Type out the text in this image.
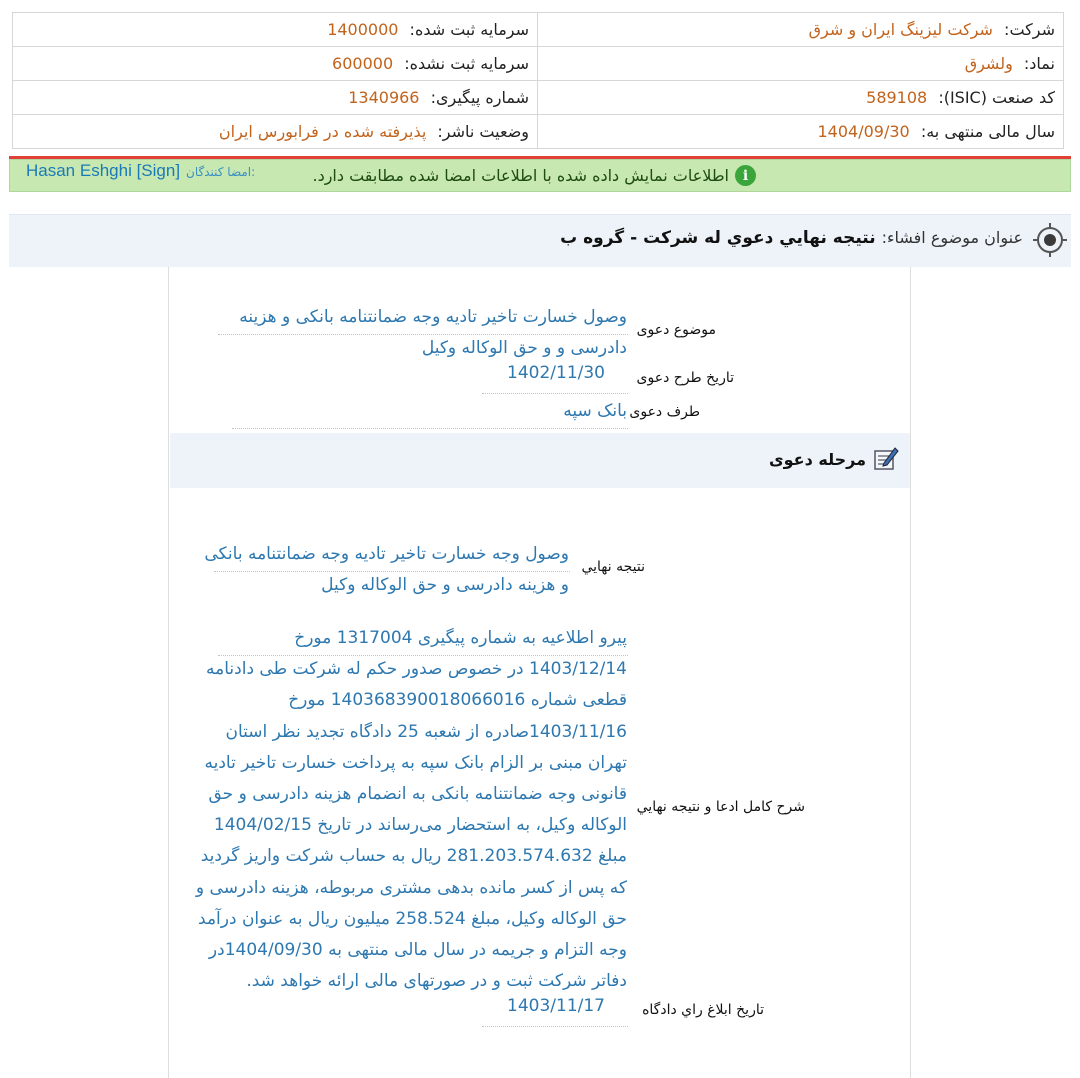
شرکت: شرکت لیزینگ ایران و شرق	سرمایه ثبت شده: 1400000
نماد: ولشرق	سرمایه ثبت نشده: 600000
کد صنعت (ISIC): 589108	شماره پیگیری: 1340966
سال مالی منتهی به: 1404/09/30	وضعیت ناشر: پذیرفته شده در فرابورس ایران
i
اطلاعات نمایش داده شده با اطلاعات امضا شده مطابقت دارد.
Hasan Eshghi [Sign] امضا کنندگان:
عنوان موضوع افشاء:
نتيجه نهايي دعوي له شرکت - گروه ب
موضوع دعوی
وصول خسارت تاخیر تادیه وجه ضمانتنامه بانکی و هزینه
دادرسی و و حق الوکاله وکیل
تاریخ طرح دعوی
1402/11/30
طرف دعوی
بانک سپه
مرحله دعوی
نتيجه نهايي
وصول وجه خسارت تاخیر تادیه وجه ضمانتنامه بانکی
و هزینه دادرسی و حق الوکاله وکیل
شرح کامل ادعا و نتيجه نهايي
پیرو اطلاعیه به شماره پیگیری 1317004 مورخ
1403/12/14 در خصوص صدور حکم له شرکت طی دادنامه
قطعی شماره 140368390018066016 مورخ
1403/11/16صادره از شعبه 25 دادگاه تجدید نظر استان
تهران مبنی بر الزام بانک سپه به پرداخت خسارت تاخیر تادیه
قانونی وجه ضمانتنامه بانکی به انضمام هزینه دادرسی و حق
الوکاله وکیل، به استحضار می‌رساند در تاریخ 1404/02/15
مبلغ 281.203.574.632 ریال به حساب شرکت واریز گردید
که پس از کسر مانده بدهی مشتری مربوطه، هزینه دادرسی و
حق الوکاله وکیل، مبلغ 258.524 میلیون ریال به عنوان درآمد
وجه التزام و جریمه در سال مالی منتهی به 1404/09/30در
دفاتر شرکت ثبت و در صورتهای مالی ارائه خواهد شد.
تاريخ ابلاغ راي دادگاه
1403/11/17
